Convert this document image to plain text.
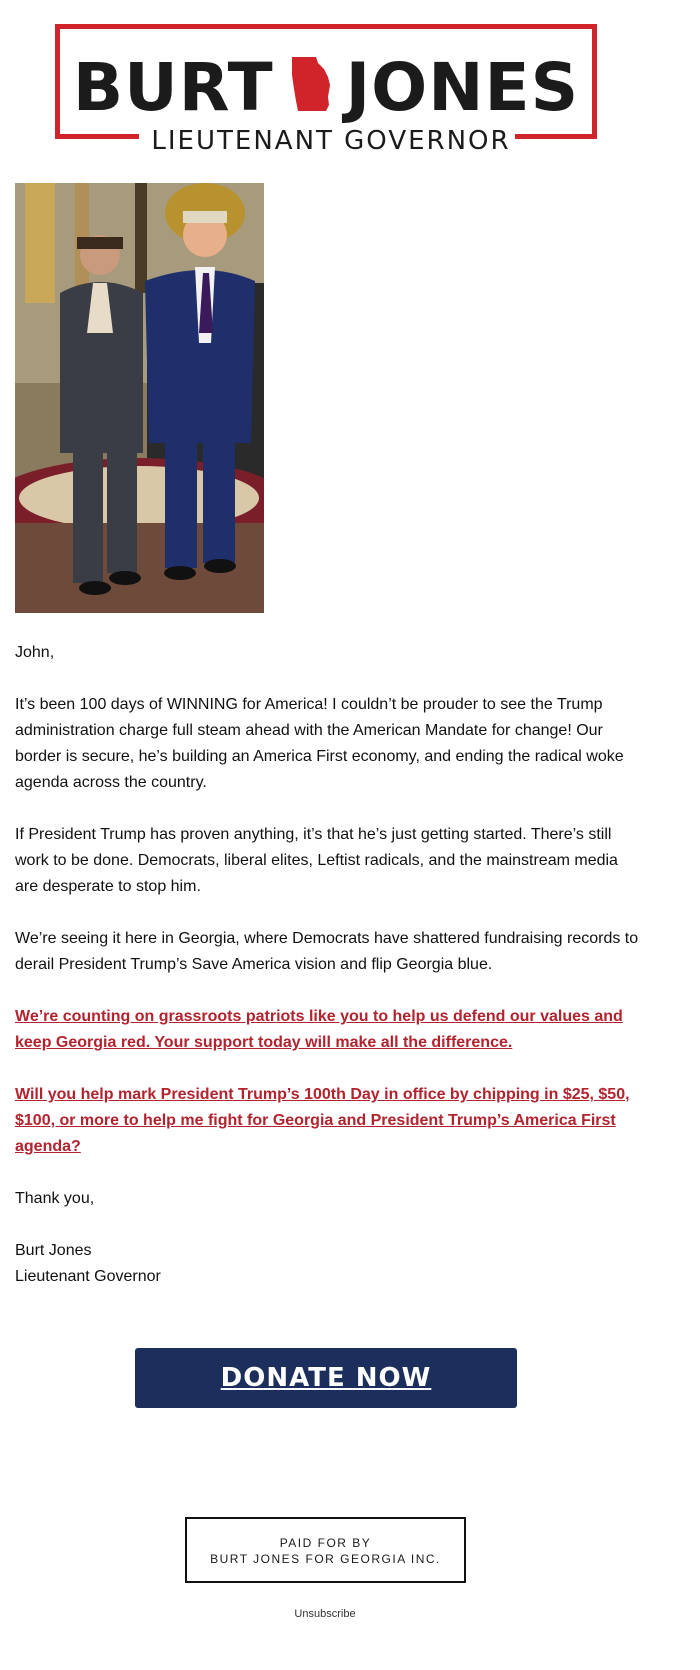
BURT JONES
LIEUTENANT GOVERNOR

John,

It’s been 100 days of WINNING for America! I couldn’t be prouder to see the Trump administration charge full steam ahead with the American Mandate for change! Our border is secure, he’s building an America First economy, and ending the radical woke agenda across the country.

If President Trump has proven anything, it’s that he’s just getting started. There’s still work to be done. Democrats, liberal elites, Leftist radicals, and the mainstream media are desperate to stop him.

We’re seeing it here in Georgia, where Democrats have shattered fundraising records to derail President Trump’s Save America vision and flip Georgia blue.

We’re counting on grassroots patriots like you to help us defend our values and keep Georgia red. Your support today will make all the difference.

Will you help mark President Trump’s 100th Day in office by chipping in $25, $50, $100, or more to help me fight for Georgia and President Trump’s America First agenda?

Thank you,

Burt Jones

Lieutenant Governor

DONATE NOW
PAID FOR BY
BURT JONES FOR GEORGIA INC.
Unsubscribe
